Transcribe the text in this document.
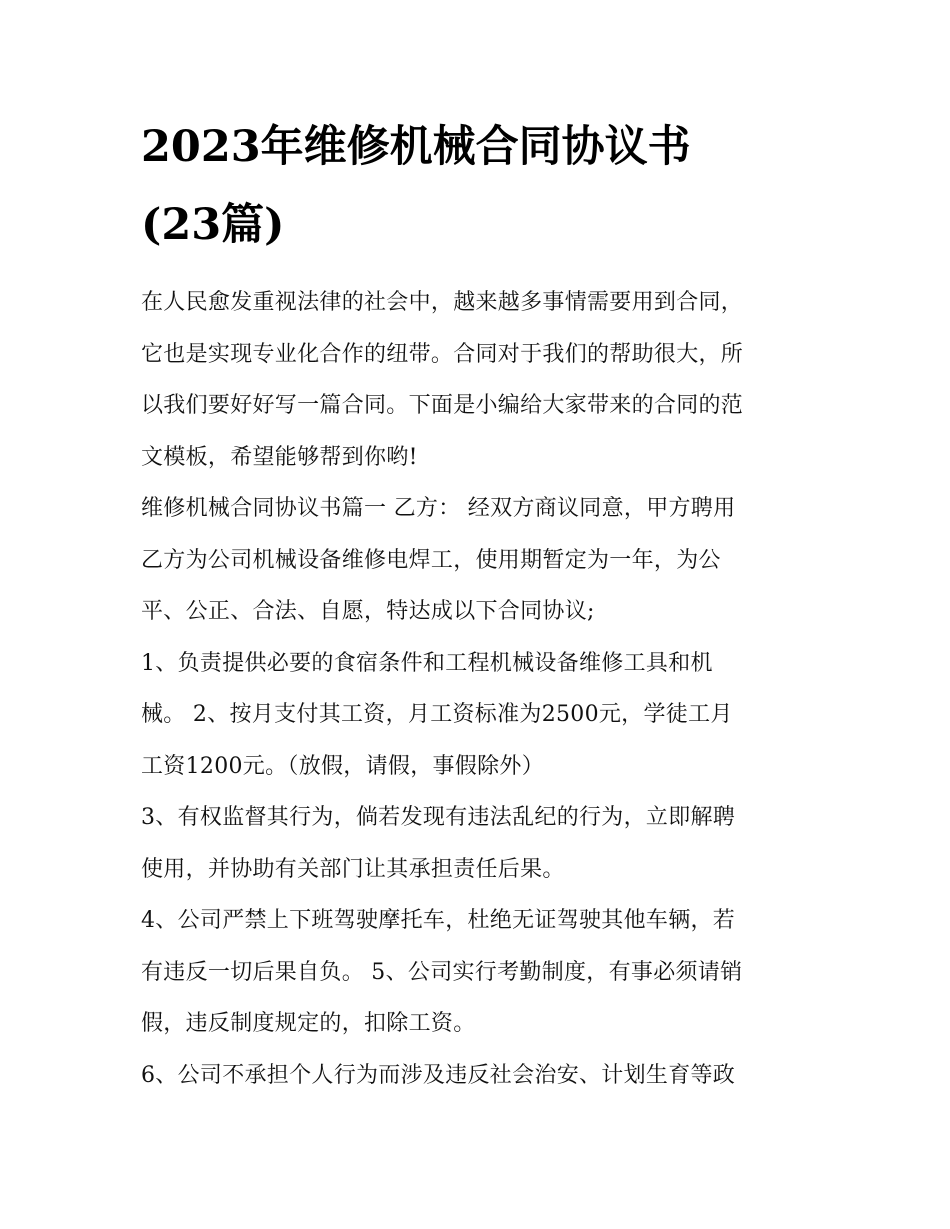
2023年维修机械合同协议书
(23篇)

在人民愈发重视法律的社会中，越来越多事情需要用到合同，
它也是实现专业化合作的纽带。合同对于我们的帮助很大，所
以我们要好好写一篇合同。下面是小编给大家带来的合同的范
文模板，希望能够帮到你哟!

维修机械合同协议书篇一 乙方： 经双方商议同意，甲方聘用
乙方为公司机械设备维修电焊工，使用期暂定为一年，为公
平、公正、合法、自愿，特达成以下合同协议;

1、负责提供必要的食宿条件和工程机械设备维修工具和机
械。 2、按月支付其工资，月工资标准为2500元，学徒工月
工资1200元。（放假，请假，事假除外）

3、有权监督其行为，倘若发现有违法乱纪的行为，立即解聘
使用，并协助有关部门让其承担责任后果。

4、公司严禁上下班驾驶摩托车，杜绝无证驾驶其他车辆，若
有违反一切后果自负。 5、公司实行考勤制度，有事必须请销
假，违反制度规定的，扣除工资。

6、公司不承担个人行为而涉及违反社会治安、计划生育等政
